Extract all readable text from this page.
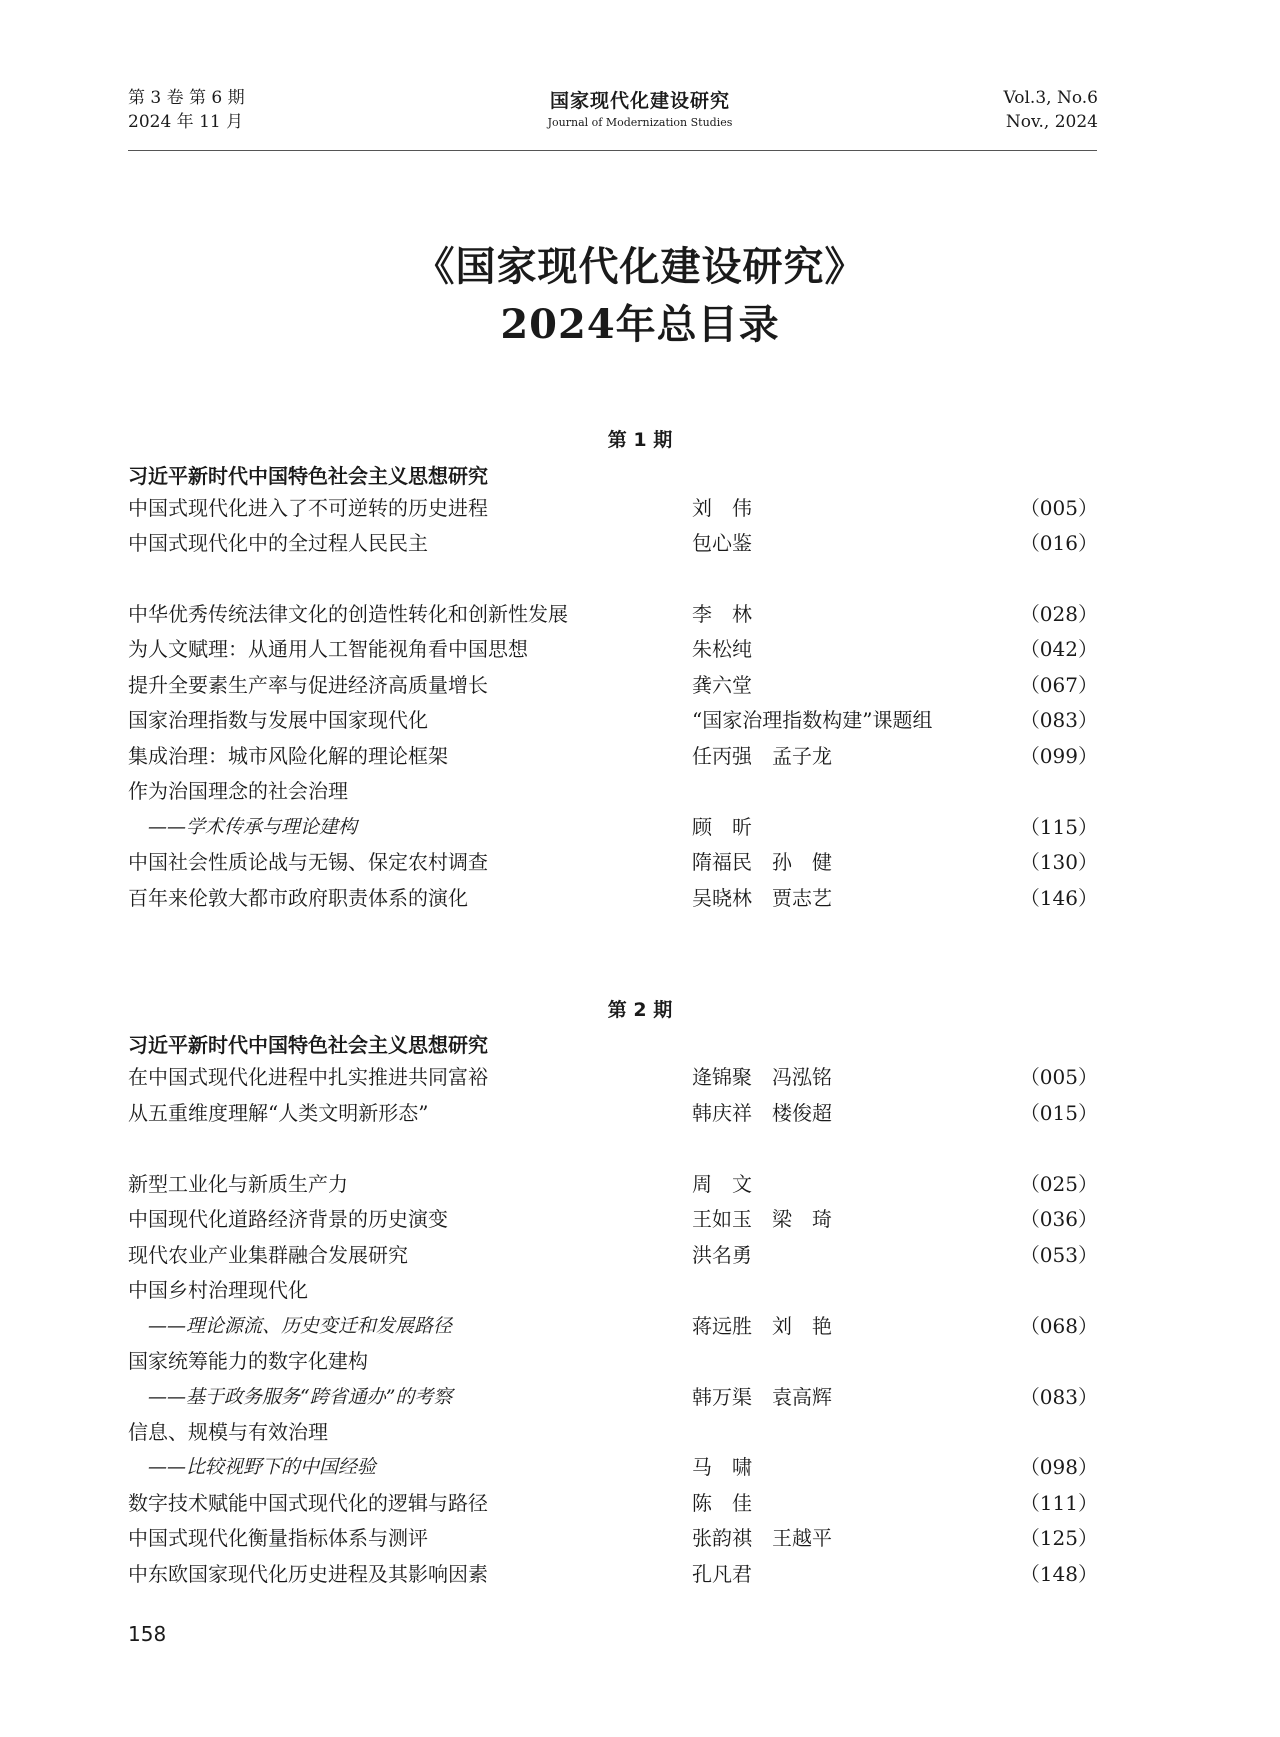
第 3 卷 第 6 期
2024 年 11 月
国家现代化建设研究
Journal of Modernization Studies
Vol.3, No.6
Nov., 2024
《国家现代化建设研究》
2024年总目录
第 1 期
习近平新时代中国特色社会主义思想研究
中国式现代化进入了不可逆转的历史进程	刘　伟	（005）
中国式现代化中的全过程人民民主	包心鉴	（016）
中华优秀传统法律文化的创造性转化和创新性发展	李　林	（028）
为人文赋理：从通用人工智能视角看中国思想	朱松纯	（042）
提升全要素生产率与促进经济高质量增长	龚六堂	（067）
国家治理指数与发展中国家现代化	“国家治理指数构建”课题组	（083）
集成治理：城市风险化解的理论框架	任丙强　孟子龙	（099）
作为治国理念的社会治理
——学术传承与理论建构	顾　昕	（115）
中国社会性质论战与无锡、保定农村调查	隋福民　孙　健	（130）
百年来伦敦大都市政府职责体系的演化	吴晓林　贾志艺	（146）
第 2 期
习近平新时代中国特色社会主义思想研究
在中国式现代化进程中扎实推进共同富裕	逄锦聚　冯泓铭	（005）
从五重维度理解“人类文明新形态”	韩庆祥　楼俊超	（015）
新型工业化与新质生产力	周　文	（025）
中国现代化道路经济背景的历史演变	王如玉　梁　琦	（036）
现代农业产业集群融合发展研究	洪名勇	（053）
中国乡村治理现代化
——理论源流、历史变迁和发展路径	蒋远胜　刘　艳	（068）
国家统筹能力的数字化建构
——基于政务服务“跨省通办”的考察	韩万渠　袁高辉	（083）
信息、规模与有效治理
——比较视野下的中国经验	马　啸	（098）
数字技术赋能中国式现代化的逻辑与路径	陈　佳	（111）
中国式现代化衡量指标体系与测评	张韵祺　王越平	（125）
中东欧国家现代化历史进程及其影响因素	孔凡君	（148）
158
